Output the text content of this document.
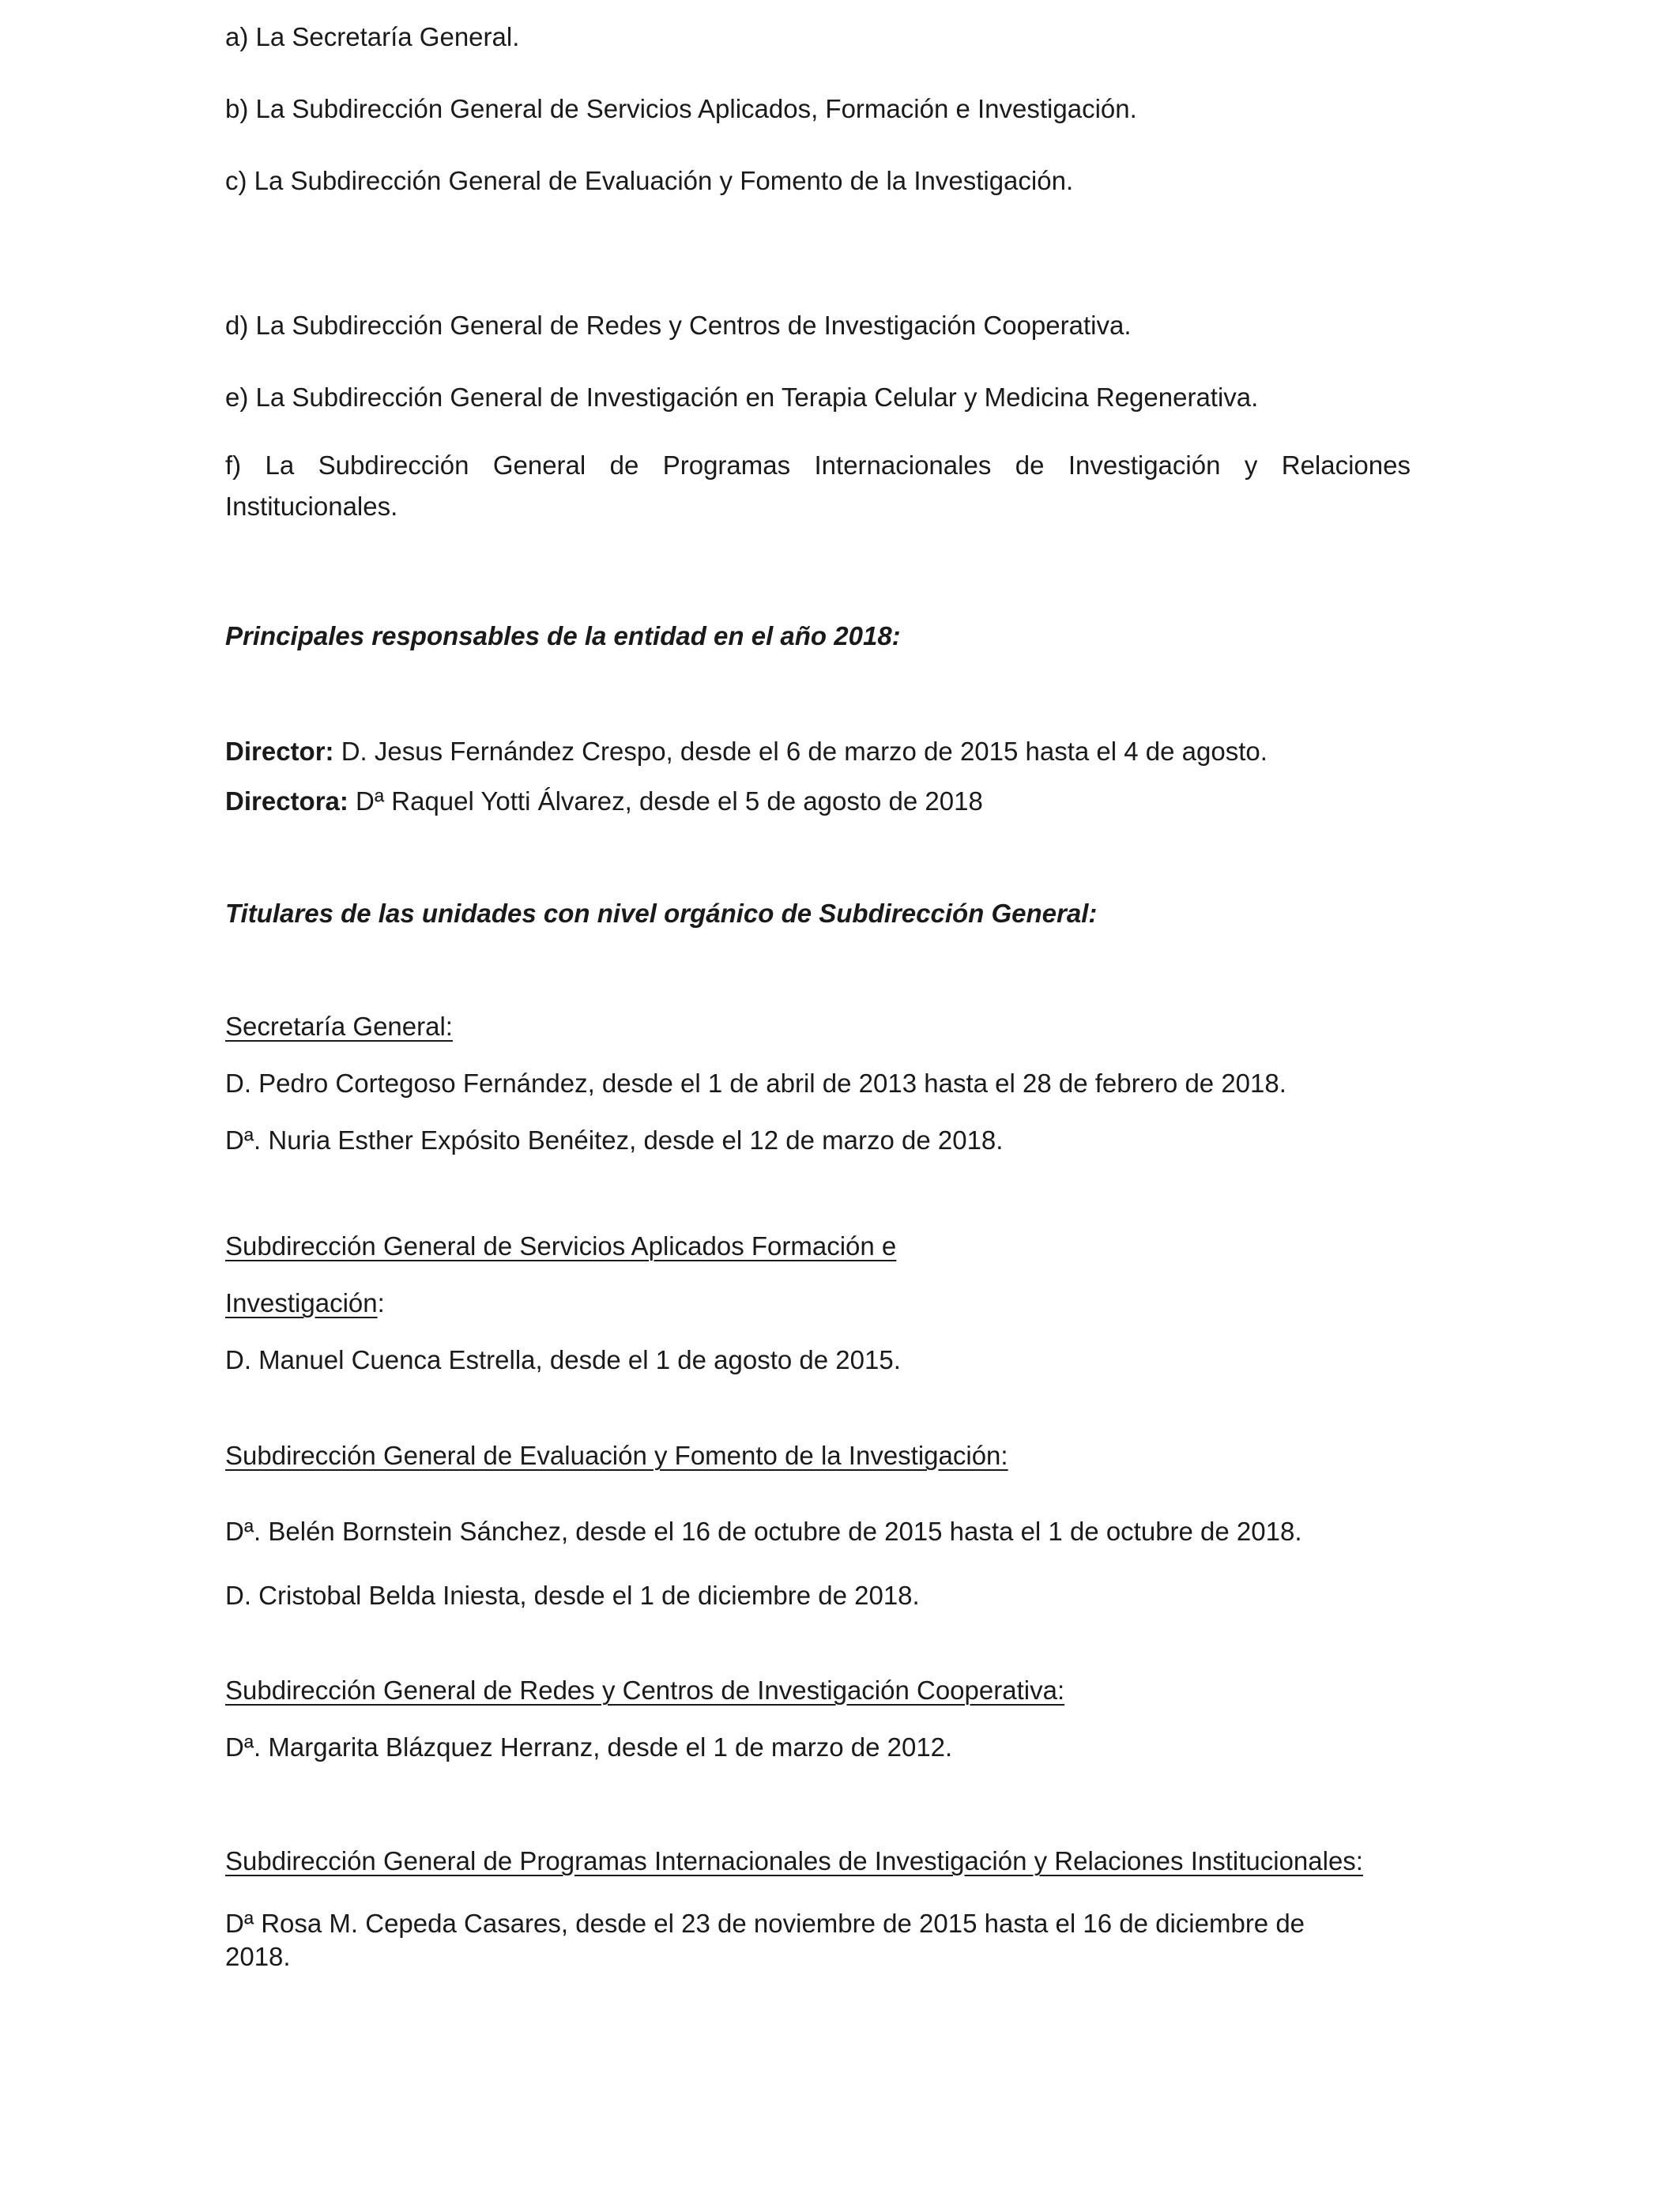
a) La Secretaría General.

b) La Subdirección General de Servicios Aplicados, Formación e Investigación.

c) La Subdirección General de Evaluación y Fomento de la Investigación.

d) La Subdirección General de Redes y Centros de Investigación Cooperativa.

e) La Subdirección General de Investigación en Terapia Celular y Medicina Regenerativa.

f) La Subdirección General de Programas Internacionales de Investigación y Relaciones

Institucionales.

Principales responsables de la entidad en el año 2018:

Director: D. Jesus Fernández Crespo, desde el 6 de marzo de 2015 hasta el 4 de agosto.

Directora: Dª Raquel Yotti Álvarez, desde el 5 de agosto de 2018

Titulares de las unidades con nivel orgánico de Subdirección General:

Secretaría General:

D. Pedro Cortegoso Fernández, desde el 1 de abril de 2013 hasta el 28 de febrero de 2018.

Dª. Nuria Esther Expósito Benéitez, desde el 12 de marzo de 2018.

Subdirección General de Servicios Aplicados Formación e

Investigación:

D. Manuel Cuenca Estrella, desde el 1 de agosto de 2015.

Subdirección General de Evaluación y Fomento de la Investigación:

Dª. Belén Bornstein Sánchez, desde el 16 de octubre de 2015 hasta el 1 de octubre de 2018.

D. Cristobal Belda Iniesta, desde el 1 de diciembre de 2018.

Subdirección General de Redes y Centros de Investigación Cooperativa:

Dª. Margarita Blázquez Herranz, desde el 1 de marzo de 2012.

Subdirección General de Programas Internacionales de Investigación y Relaciones Institucionales:

Dª Rosa M. Cepeda Casares, desde el 23 de noviembre de 2015 hasta el 16 de diciembre de

2018.
